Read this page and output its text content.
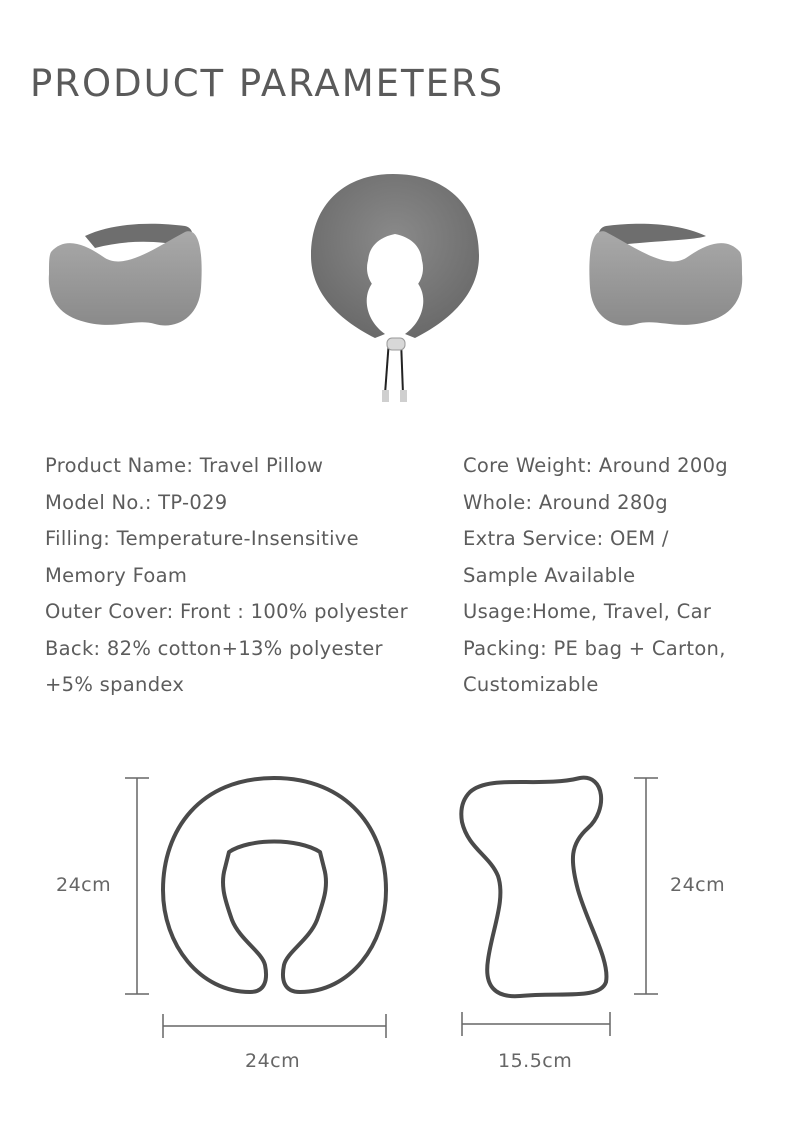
PRODUCT PARAMETERS
Product Name: Travel Pillow
Model No.: TP-029
Filling: Temperature-Insensitive
Memory Foam
Outer Cover: Front : 100% polyester
Back: 82% cotton+13% polyester
+5% spandex
Core Weight: Around 200g
Whole: Around 280g
Extra Service: OEM /
Sample Available
Usage:Home, Travel, Car
Packing: PE bag + Carton,
Customizable
24cm
24cm
24cm
15.5cm
